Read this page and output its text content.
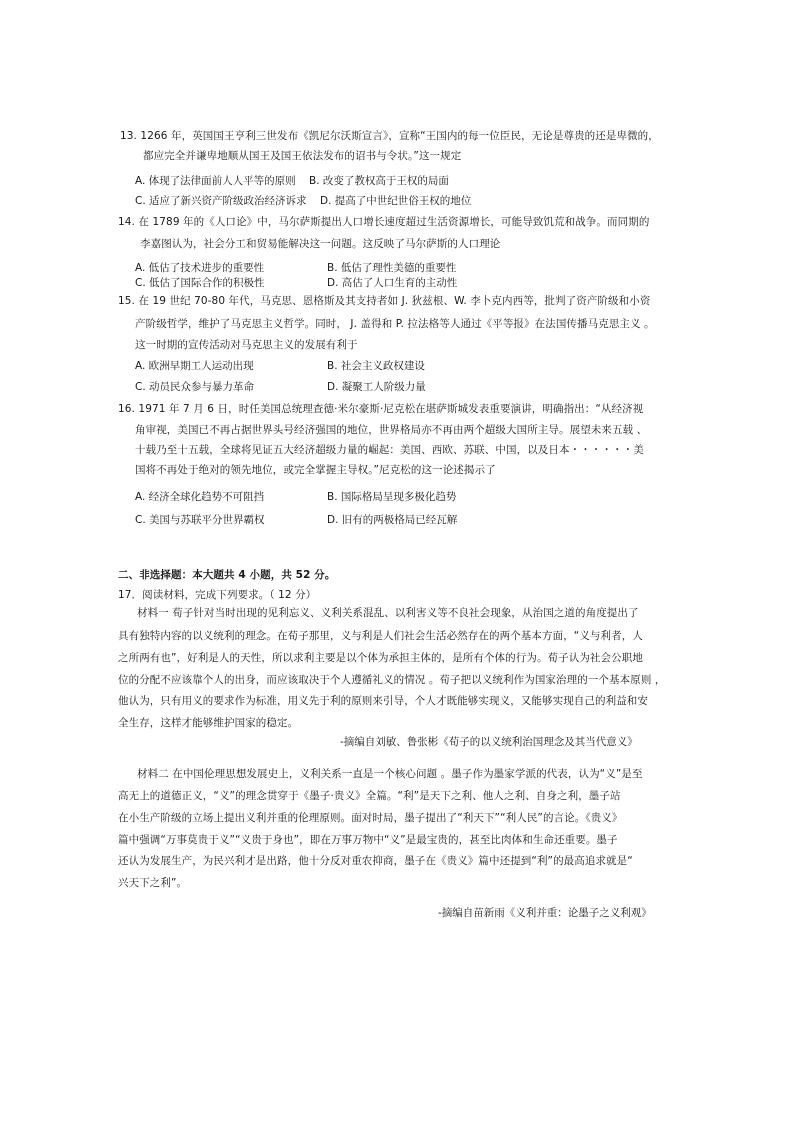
13. 1266 年，英国国王亨利三世发布《凯尼尔沃斯宣言》，宣称“王国内的每一位臣民，无论是尊贵的还是卑微的，
都应完全并谦卑地顺从国王及国王依法发布的诏书与令状。”这一规定
A. 体现了法律面前人人平等的原则 B. 改变了教权高于王权的局面
C. 适应了新兴资产阶级政治经济诉求 D. 提高了中世纪世俗王权的地位
14. 在 1789 年的《人口论》中，马尔萨斯提出人口增长速度超过生活资源增长，可能导致饥荒和战争。而同期的
李嘉图认为，社会分工和贸易能解决这一问题。这反映了马尔萨斯的人口理论
A. 低估了技术进步的重要性	B. 低估了理性美德的重要性
C. 低估了国际合作的积极性	D. 高估了人口生育的主动性
15. 在 19 世纪 70-80 年代，马克思、恩格斯及其支持者如 J. 狄兹根、W. 李卜克内西等，批判了资产阶级和小资
产阶级哲学，维护了马克思主义哲学。同时， J. 盖得和 P. 拉法格等人通过《平等报》在法国传播马克思主义 。
这一时期的宣传活动对马克思主义的发展有利于
A. 欧洲早期工人运动出现	B. 社会主义政权建设
C. 动员民众参与暴力革命	D. 凝聚工人阶级力量
16. 1971 年 7 月 6 日，时任美国总统理查德·米尔豪斯·尼克松在堪萨斯城发表重要演讲，明确指出：“从经济视
角审视，美国已不再占据世界头号经济强国的地位，世界格局亦不再由两个超级大国所主导。展望未来五载 、
十载乃至十五载，全球将见证五大经济超级力量的崛起：美国、西欧、苏联、中国，以及日本・・・・・・美
国将不再处于绝对的领先地位，或完全掌握主导权。”尼克松的这一论述揭示了
A. 经济全球化趋势不可阻挡	B. 国际格局呈现多极化趋势
C. 美国与苏联平分世界霸权	D. 旧有的两极格局已经瓦解
二、非选择题：本大题共 4 小题，共 52 分。
17．阅读材料，完成下列要求。（ 12 分）
材料一 荀子针对当时出现的见利忘义、义利关系混乱、以利害义等不良社会现象，从治国之道的角度提出了
具有独特内容的以义统利的理念。在荀子那里，义与利是人们社会生活必然存在的两个基本方面，“义与利者，人
之所两有也”，好利是人的天性，所以求利主要是以个体为承担主体的，是所有个体的行为。荀子认为社会公职地
位的分配不应该靠个人的出身，而应该取决于个人遵循礼义的情况 。荀子把以义统利作为国家治理的一个基本原则 ，
他认为，只有用义的要求作为标准，用义先于利的原则来引导，个人才既能够实现义，又能够实现自己的利益和安
全生存，这样才能够维护国家的稳定。
-摘编自刘敏、鲁张彬《荀子的以义统利治国理念及其当代意义》
材料二 在中国伦理思想发展史上，义利关系一直是一个核心问题 。墨子作为墨家学派的代表，认为“义”是至
高无上的道德正义，“义”的理念贯穿于《墨子·贵义》全篇。“利”是天下之利、他人之利、自身之利，墨子站
在小生产阶级的立场上提出义利并重的伦理原则。面对时局，墨子提出了“利天下”“利人民”的言论。《贵义》
篇中强调“万事莫贵于义”“义贵于身也”，即在万事万物中“义”是最宝贵的，甚至比肉体和生命还重要。墨子
还认为发展生产，为民兴利才是出路，他十分反对重农抑商，墨子在《贵义》篇中还提到“利”的最高追求就是“
兴天下之利”。
-摘编自苗新雨《义利并重：论墨子之义利观》
